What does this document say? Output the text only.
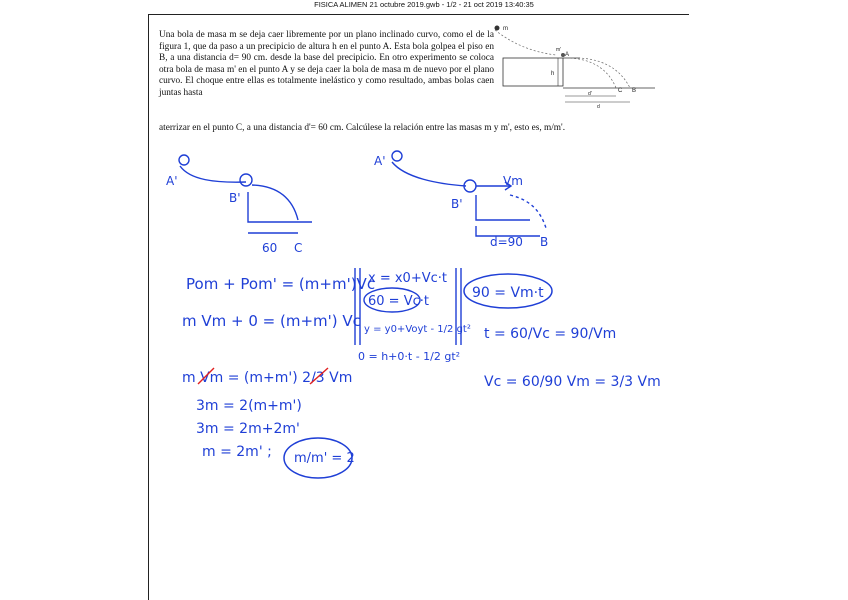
FISICA ALIMEN 21 octubre 2019.gwb - 1/2 - 21 oct 2019 13:40:35
Una bola de masa m se deja caer libremente por un plano inclinado curvo, como el de la figura 1, que da paso a un precipicio de altura h en el punto A. Esta bola golpea el piso en B, a una distancia d= 90 cm. desde la base del precipicio. En otro experimento se coloca otra bola de masa m' en el punto A y se deja caer la bola de masa m de nuevo por el plano curvo. El choque entre ellas es totalmente inelástico y como resultado, ambas bolas caen juntas hasta
aterrizar en el punto C, a una distancia d'= 60 cm. Calcúlese la relación entre las masas m y m', esto es, m/m'.
m
m'
A
h
d'	C B
d
A'
B'
60 C
A'
B'
Vm
d=90 B
Pom + Pom' = (m+m')Vc
m Vm + 0 = (m+m') Vc
m Vm = (m+m') 2/3 Vm
3m = 2(m+m')
3m = 2m+2m'
m = 2m' ; m/m' = 2
x = x0+Vc·t
60 = Vc·t
y = y0+Voyt - 1/2 gt²
0 = h+0·t - 1/2 gt²
90 = Vm·t
t = 60/Vc = 90/Vm
Vc = 60/90 Vm = 3/3 Vm
